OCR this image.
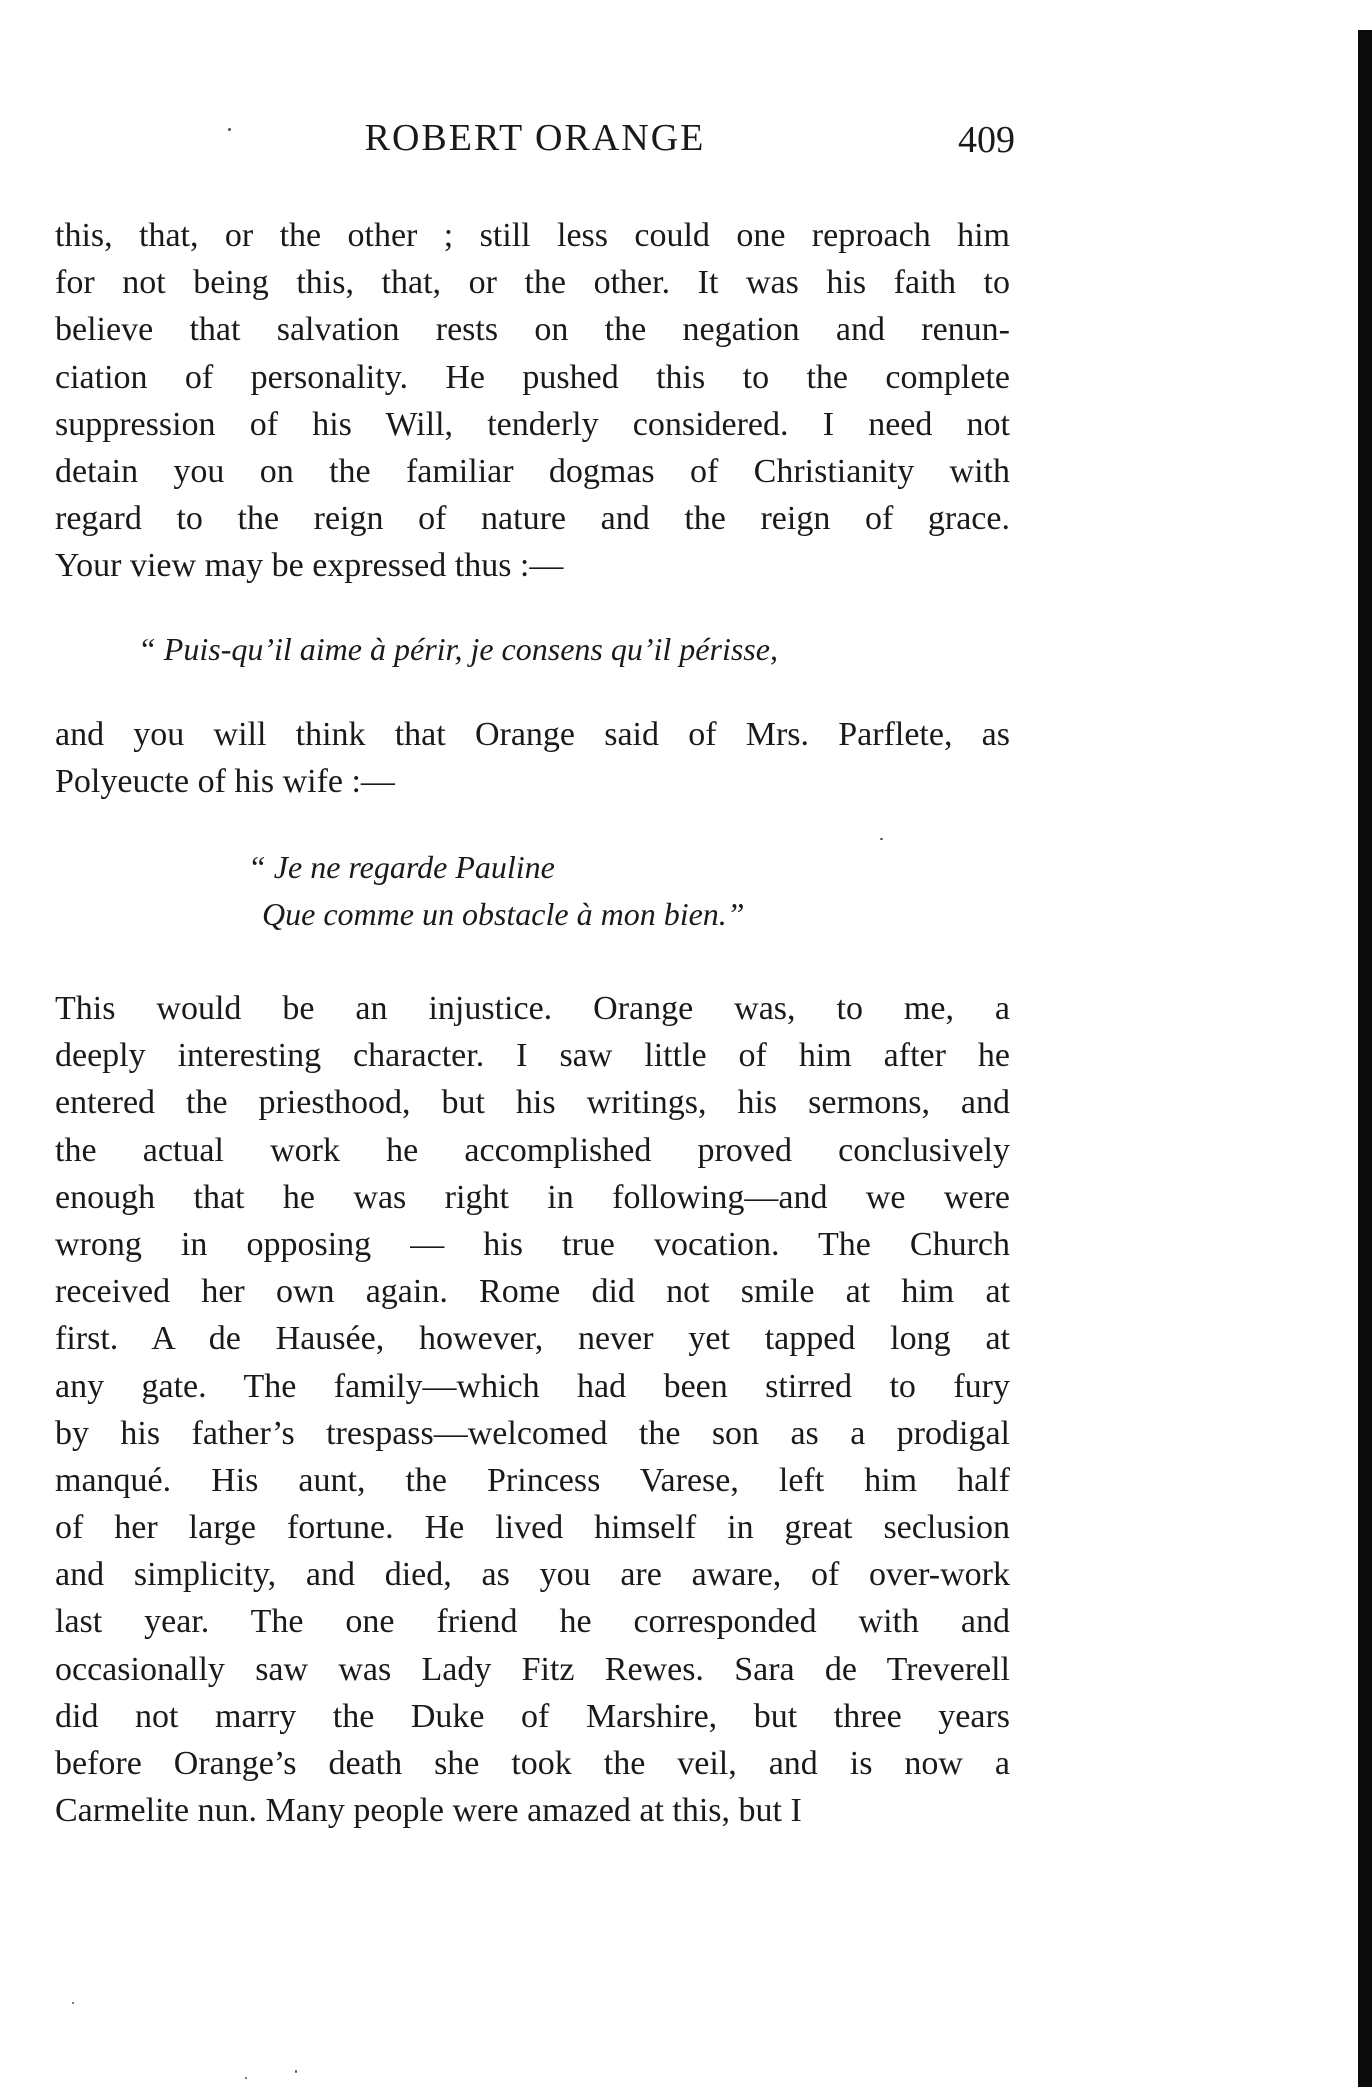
ROBERT ORANGE	409
this, that, or the other ; still less could one reproach him
for not being this, that, or the other. It was his faith to
believe that salvation rests on the negation and renun-
ciation of personality. He pushed this to the complete
suppression of his Will, tenderly considered. I need not
detain you on the familiar dogmas of Christianity with
regard to the reign of nature and the reign of grace.
Your view may be expressed thus :—
“ Puis-qu’il aime à périr, je consens qu’il périsse,
and you will think that Orange said of Mrs. Parflete, as
Polyeucte of his wife :—
“ Je ne regarde Pauline
Que comme un obstacle à mon bien.”
This would be an injustice. Orange was, to me, a
deeply interesting character. I saw little of him after he
entered the priesthood, but his writings, his sermons, and
the actual work he accomplished proved conclusively
enough that he was right in following—and we were
wrong in opposing — his true vocation. The Church
received her own again. Rome did not smile at him at
first. A de Hausée, however, never yet tapped long at
any gate. The family—which had been stirred to fury
by his father’s trespass—welcomed the son as a prodigal
manqué. His aunt, the Princess Varese, left him half
of her large fortune. He lived himself in great seclusion
and simplicity, and died, as you are aware, of over-work
last year. The one friend he corresponded with and
occasionally saw was Lady Fitz Rewes. Sara de Treverell
did not marry the Duke of Marshire, but three years
before Orange’s death she took the veil, and is now a
Carmelite nun. Many people were amazed at this, but I
